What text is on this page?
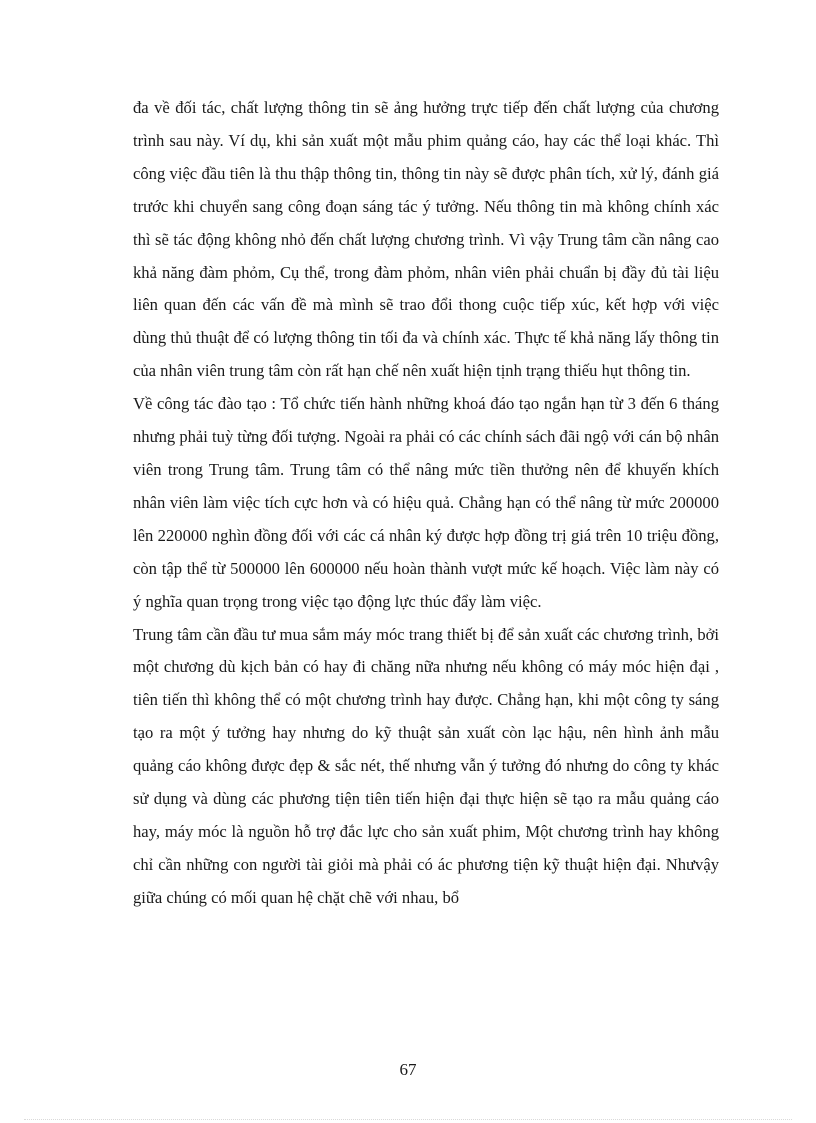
đa về đối tác, chất lượng thông tin sẽ ảng hưởng trực tiếp đến chất lượng của chương trình sau này. Ví dụ, khi sản xuất một mẫu phim quảng cáo, hay các thể loại khác. Thì công việc đầu tiên là thu thập thông tin, thông tin này sẽ được phân tích, xử lý, đánh giá trước khi chuyển sang công đoạn sáng tác ý tưởng. Nếu thông tin mà không chính xác thì sẽ tác động không nhỏ đến chất lượng chương trình. Vì vậy Trung tâm cần nâng cao khả năng đàm phỏm, Cụ thể, trong đàm phỏm, nhân viên phải chuẩn bị đầy đủ tài liệu liên quan đến các vấn đề mà mình sẽ trao đổi thong cuộc tiếp xúc, kết hợp với việc dùng thủ thuật để có lượng thông tin tối đa và chính xác. Thực tế khả năng lấy thông tin của nhân viên trung tâm còn rất hạn chế nên xuất hiện tịnh trạng thiếu hụt thông tin.

Về công tác đào tạo : Tổ chức tiến hành những khoá đáo tạo ngắn hạn từ 3 đến 6 tháng nhưng phải tuỳ từng đối tượng. Ngoài ra phải có các chính sách đãi ngộ với cán bộ nhân viên trong Trung tâm. Trung tâm có thể nâng mức tiền thưởng nên để khuyến khích nhân viên làm việc tích cực hơn và có hiệu quả. Chẳng hạn có thể nâng từ mức 200000 lên 220000 nghìn đồng đối với các cá nhân ký được hợp đồng trị giá trên 10 triệu đồng, còn tập thể từ 500000 lên 600000 nếu hoàn thành vượt mức kế hoạch. Việc làm này có ý nghĩa quan trọng trong việc tạo động lực thúc đẩy làm việc.

Trung tâm cần đầu tư mua sắm máy móc trang thiết bị để sản xuất các chương trình, bởi một chương dù kịch bản có hay đi chăng nữa nhưng nếu không có máy móc hiện đại , tiên tiến thì không thể có một chương trình hay được. Chẳng hạn, khi một công ty sáng tạo ra một ý tưởng hay nhưng do kỹ thuật sản xuất còn lạc hậu, nên hình ảnh mẫu quảng cáo không được đẹp & sắc nét, thế nhưng vẫn ý tưởng đó nhưng do công ty khác sử dụng và dùng các phương tiện tiên tiến hiện đại thực hiện sẽ tạo ra mẫu quảng cáo hay, máy móc là nguồn hỗ trợ đắc lực cho sản xuất phim, Một chương trình hay không chỉ cần những con người tài giỏi mà phải có ác phương tiện kỹ thuật hiện đại. Nhưvậy giữa chúng có mối quan hệ chặt chẽ với nhau, bổ

67
